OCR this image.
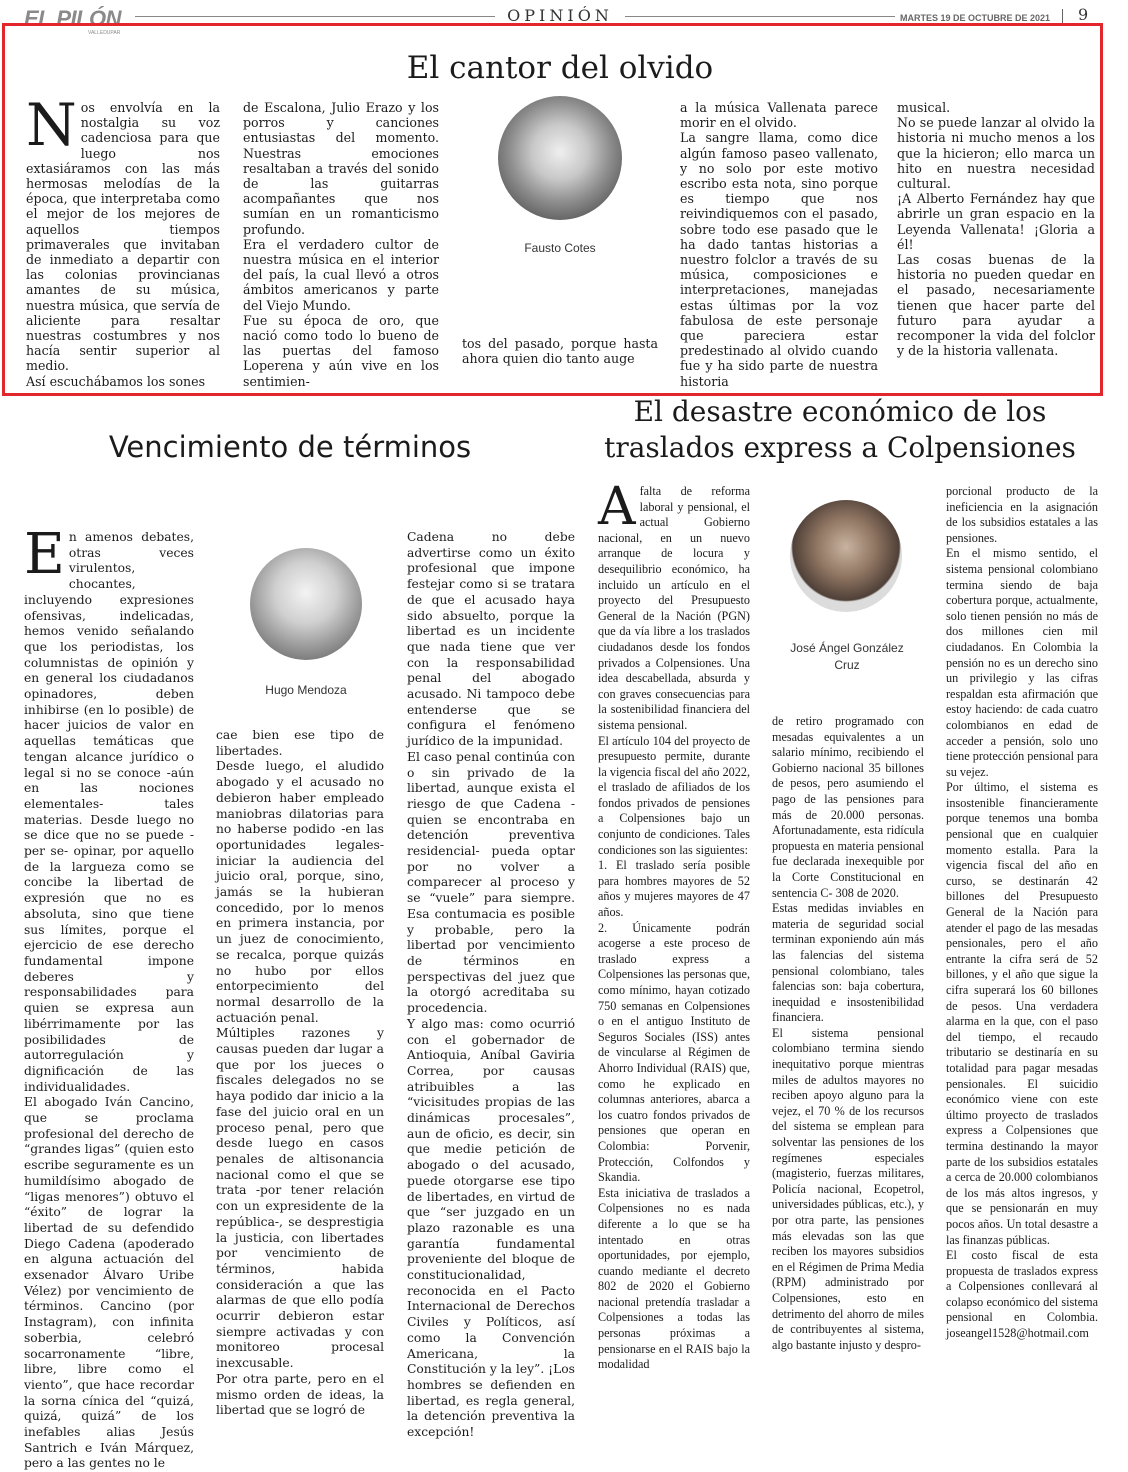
EL PILÓN
VALLEDUPAR
OPINIÓN	MARTES 19 DE OCTUBRE DE 2021 9
El cantor del olvido

Nos envolvía en la nostalgia su voz cadenciosa para que luego nos extasiáramos con las más hermosas melodías de la época, que interpretaba como el mejor de los mejores de aquellos tiempos primaverales que invitaban de inmediato a departir con las colonias provincianas amantes de su música, nuestra música, que servía de aliciente para resaltar nuestras costumbres y nos hacía sentir superior al medio.

Así escuchábamos los sones

de Escalona, Julio Erazo y los porros y canciones entusiastas del momento. Nuestras emociones resaltaban a través del sonido de las guitarras acompañantes que nos sumían en un romanticismo profundo.

Era el verdadero cultor de nuestra música en el interior del país, la cual llevó a otros ámbitos americanos y parte del Viejo Mundo.

Fue su época de oro, que nació como todo lo bueno de las puertas del famoso Loperena y aún vive en los sentimien-

Fausto Cotes

tos del pasado, porque hasta ahora quien dio tanto auge

a la música Vallenata parece morir en el olvido.

La sangre llama, como dice algún famoso paseo vallenato, y no solo por este motivo escribo esta nota, sino porque es tiempo que nos reivindiquemos con el pasado, sobre todo ese pasado que le ha dado tantas historias a nuestro folclor a través de su música, composiciones e interpretaciones, manejadas estas últimas por la voz fabulosa de este personaje que pareciera estar predestinado al olvido cuando fue y ha sido parte de nuestra historia

musical.

No se puede lanzar al olvido la historia ni mucho menos a los que la hicieron; ello marca un hito en nuestra necesidad cultural.

¡A Alberto Fernández hay que abrirle un gran espacio en la Leyenda Vallenata! ¡Gloria a él!

Las cosas buenas de la historia no pueden quedar en el pasado, necesariamente tienen que hacer parte del futuro para ayudar a recomponer la vida del folclor y de la historia vallenata.

Vencimiento de términos

En amenos debates, otras veces virulentos, chocantes, incluyendo expresiones ofensivas, indelicadas, hemos venido señalando que los periodistas, los columnistas de opinión y en general los ciudadanos opinadores, deben inhibirse (en lo posible) de hacer juicios de valor en aquellas temáticas que tengan alcance jurídico o legal si no se conoce -aún en las nociones elementales- tales materias. Desde luego no se dice que no se puede -per se- opinar, por aquello de la largueza como se concibe la libertad de expresión que no es absoluta, sino que tiene sus límites, porque el ejercicio de ese derecho fundamental impone deberes y responsabilidades para quien se expresa aun libérrimamente por las posibilidades de autorregulación y dignificación de las individualidades.

El abogado Iván Cancino, que se proclama profesional del derecho de “grandes ligas” (quien esto escribe seguramente es un humildísimo abogado de “ligas menores”) obtuvo el “éxito” de lograr la libertad de su defendido Diego Cadena (apoderado en alguna actuación del exsenador Álvaro Uribe Vélez) por vencimiento de términos. Cancino (por Instagram), con infinita soberbia, celebró socarronamente “libre, libre, libre como el viento”, que hace recordar la sorna cínica del “quizá, quizá, quizá” de los inefables alias Jesús Santrich e Iván Márquez, pero a las gentes no le

Hugo Mendoza

cae bien ese tipo de libertades.

Desde luego, el aludido abogado y el acusado no debieron haber empleado maniobras dilatorias para no haberse podido -en las oportunidades legales- iniciar la audiencia del juicio oral, porque, sino, jamás se la hubieran concedido, por lo menos en primera instancia, por un juez de conocimiento, se recalca, porque quizás no hubo por ellos entorpecimiento del normal desarrollo de la actuación penal.

Múltiples razones y causas pueden dar lugar a que por los jueces o fiscales delegados no se haya podido dar inicio a la fase del juicio oral en un proceso penal, pero que desde luego en casos penales de altisonancia nacional como el que se trata -por tener relación con un expresidente de la república-, se desprestigia la justicia, con libertades por vencimiento de términos, habida consideración a que las alarmas de que ello podía ocurrir debieron estar siempre activadas y con monitoreo procesal inexcusable.

Por otra parte, pero en el mismo orden de ideas, la libertad que se logró de

Cadena no debe advertirse como un éxito profesional que impone festejar como si se tratara de que el acusado haya sido absuelto, porque la libertad es un incidente que nada tiene que ver con la responsabilidad penal del abogado acusado. Ni tampoco debe entenderse que se configura el fenómeno jurídico de la impunidad.

El caso penal continúa con o sin privado de la libertad, aunque exista el riesgo de que Cadena -quien se encontraba en detención preventiva residencial- pueda optar por no volver a comparecer al proceso y se “vuele” para siempre. Esa contumacia es posible y probable, pero la libertad por vencimiento de términos en perspectivas del juez que la otorgó acreditaba su procedencia.

Y algo mas: como ocurrió con el gobernador de Antioquia, Aníbal Gaviria Correa, por causas atribuibles a las “vicisitudes propias de las dinámicas procesales”, aun de oficio, es decir, sin que medie petición de abogado o del acusado, puede otorgarse ese tipo de libertades, en virtud de que “ser juzgado en un plazo razonable es una garantía fundamental proveniente del bloque de constitucionalidad, reconocida en el Pacto Internacional de Derechos Civiles y Políticos, así como la Convención Americana, la Constitución y la ley”. ¡Los hombres se defienden en libertad, es regla general, la detención preventiva la excepción!

El desastre económico de los
traslados express a Colpensiones

Afalta de reforma laboral y pensional, el actual Gobierno nacional, en un nuevo arranque de locura y desequilibrio económico, ha incluido un artículo en el proyecto del Presupuesto General de la Nación (PGN) que da vía libre a los traslados ciudadanos desde los fondos privados a Colpensiones. Una idea descabellada, absurda y con graves consecuencias para la sostenibilidad financiera del sistema pensional.

El artículo 104 del proyecto de presupuesto permite, durante la vigencia fiscal del año 2022, el traslado de afiliados de los fondos privados de pensiones a Colpensiones bajo un conjunto de condiciones. Tales condiciones son las siguientes:

1. El traslado sería posible para hombres mayores de 52 años y mujeres mayores de 47 años.

2. Únicamente podrán acogerse a este proceso de traslado express a Colpensiones las personas que, como mínimo, hayan cotizado 750 semanas en Colpensiones o en el antiguo Instituto de Seguros Sociales (ISS) antes de vincularse al Régimen de Ahorro Individual (RAIS) que, como he explicado en columnas anteriores, abarca a los cuatro fondos privados de pensiones que operan en Colombia: Porvenir, Protección, Colfondos y Skandia.

Esta iniciativa de traslados a Colpensiones no es nada diferente a lo que se ha intentado en otras oportunidades, por ejemplo, cuando mediante el decreto 802 de 2020 el Gobierno nacional pretendía trasladar a Colpensiones a todas las personas próximas a pensionarse en el RAIS bajo la modalidad

José Ángel González
Cruz

de retiro programado con mesadas equivalentes a un salario mínimo, recibiendo el Gobierno nacional 35 billones de pesos, pero asumiendo el pago de las pensiones para más de 20.000 personas. Afortunadamente, esta ridícula propuesta en materia pensional fue declarada inexequible por la Corte Constitucional en sentencia C- 308 de 2020.

Estas medidas inviables en materia de seguridad social terminan exponiendo aún más las falencias del sistema pensional colombiano, tales falencias son: baja cobertura, inequidad e insostenibilidad financiera.

El sistema pensional colombiano termina siendo inequitativo porque mientras miles de adultos mayores no reciben apoyo alguno para la vejez, el 70 % de los recursos del sistema se emplean para solventar las pensiones de los regímenes especiales (magisterio, fuerzas militares, Policía nacional, Ecopetrol, universidades públicas, etc.), y por otra parte, las pensiones más elevadas son las que reciben los mayores subsidios en el Régimen de Prima Media (RPM) administrado por Colpensiones, esto en detrimento del ahorro de miles de contribuyentes al sistema, algo bastante injusto y despro-

porcional producto de la ineficiencia en la asignación de los subsidios estatales a las pensiones.

En el mismo sentido, el sistema pensional colombiano termina siendo de baja cobertura porque, actualmente, solo tienen pensión no más de dos millones cien mil ciudadanos. En Colombia la pensión no es un derecho sino un privilegio y las cifras respaldan esta afirmación que estoy haciendo: de cada cuatro colombianos en edad de acceder a pensión, solo uno tiene protección pensional para su vejez.

Por último, el sistema es insostenible financieramente porque tenemos una bomba pensional que en cualquier momento estalla. Para la vigencia fiscal del año en curso, se destinarán 42 billones del Presupuesto General de la Nación para atender el pago de las mesadas pensionales, pero el año entrante la cifra será de 52 billones, y el año que sigue la cifra superará los 60 billones de pesos. Una verdadera alarma en la que, con el paso del tiempo, el recaudo tributario se destinaría en su totalidad para pagar mesadas pensionales. El suicidio económico viene con este último proyecto de traslados express a Colpensiones que termina destinando la mayor parte de los subsidios estatales a cerca de 20.000 colombianos de los más altos ingresos, y que se pensionarán en muy pocos años. Un total desastre a las finanzas públicas.

El costo fiscal de esta propuesta de traslados express a Colpensiones conllevará al colapso económico del sistema pensional en Colombia. joseangel1528@hotmail.com
